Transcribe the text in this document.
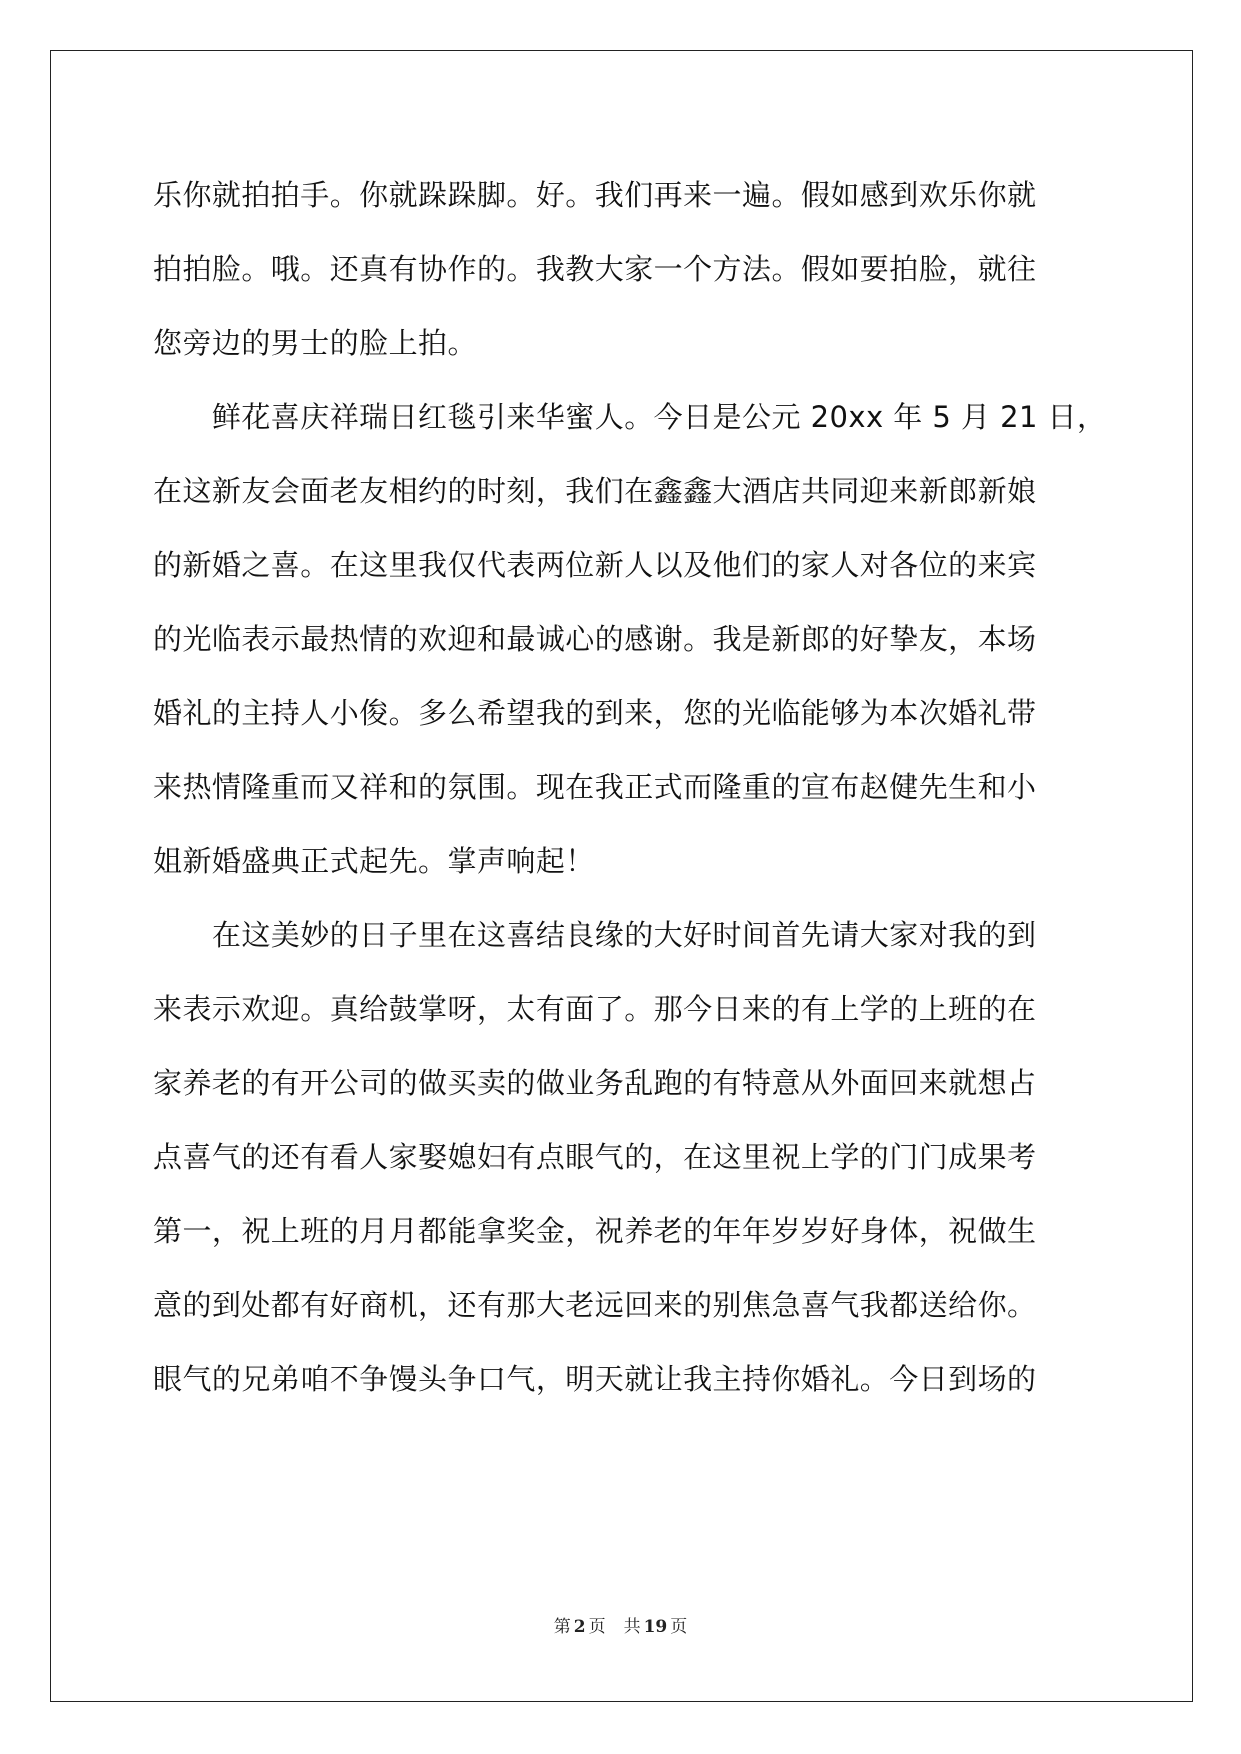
乐你就拍拍手。你就跺跺脚。好。我们再来一遍。假如感到欢乐你就
拍拍脸。哦。还真有协作的。我教大家一个方法。假如要拍脸，就往
您旁边的男士的脸上拍。
　　鲜花喜庆祥瑞日红毯引来华蜜人。今日是公元 20xx 年 5 月 21 日，
在这新友会面老友相约的时刻，我们在鑫鑫大酒店共同迎来新郎新娘
的新婚之喜。在这里我仅代表两位新人以及他们的家人对各位的来宾
的光临表示最热情的欢迎和最诚心的感谢。我是新郎的好挚友，本场
婚礼的主持人小俊。多么希望我的到来，您的光临能够为本次婚礼带
来热情隆重而又祥和的氛围。现在我正式而隆重的宣布赵健先生和小
姐新婚盛典正式起先。掌声响起！
　　在这美妙的日子里在这喜结良缘的大好时间首先请大家对我的到
来表示欢迎。真给鼓掌呀，太有面了。那今日来的有上学的上班的在
家养老的有开公司的做买卖的做业务乱跑的有特意从外面回来就想占
点喜气的还有看人家娶媳妇有点眼气的，在这里祝上学的门门成果考
第一，祝上班的月月都能拿奖金，祝养老的年年岁岁好身体，祝做生
意的到处都有好商机，还有那大老远回来的别焦急喜气我都送给你。
眼气的兄弟咱不争馒头争口气，明天就让我主持你婚礼。今日到场的
第 2 页 共 19 页
